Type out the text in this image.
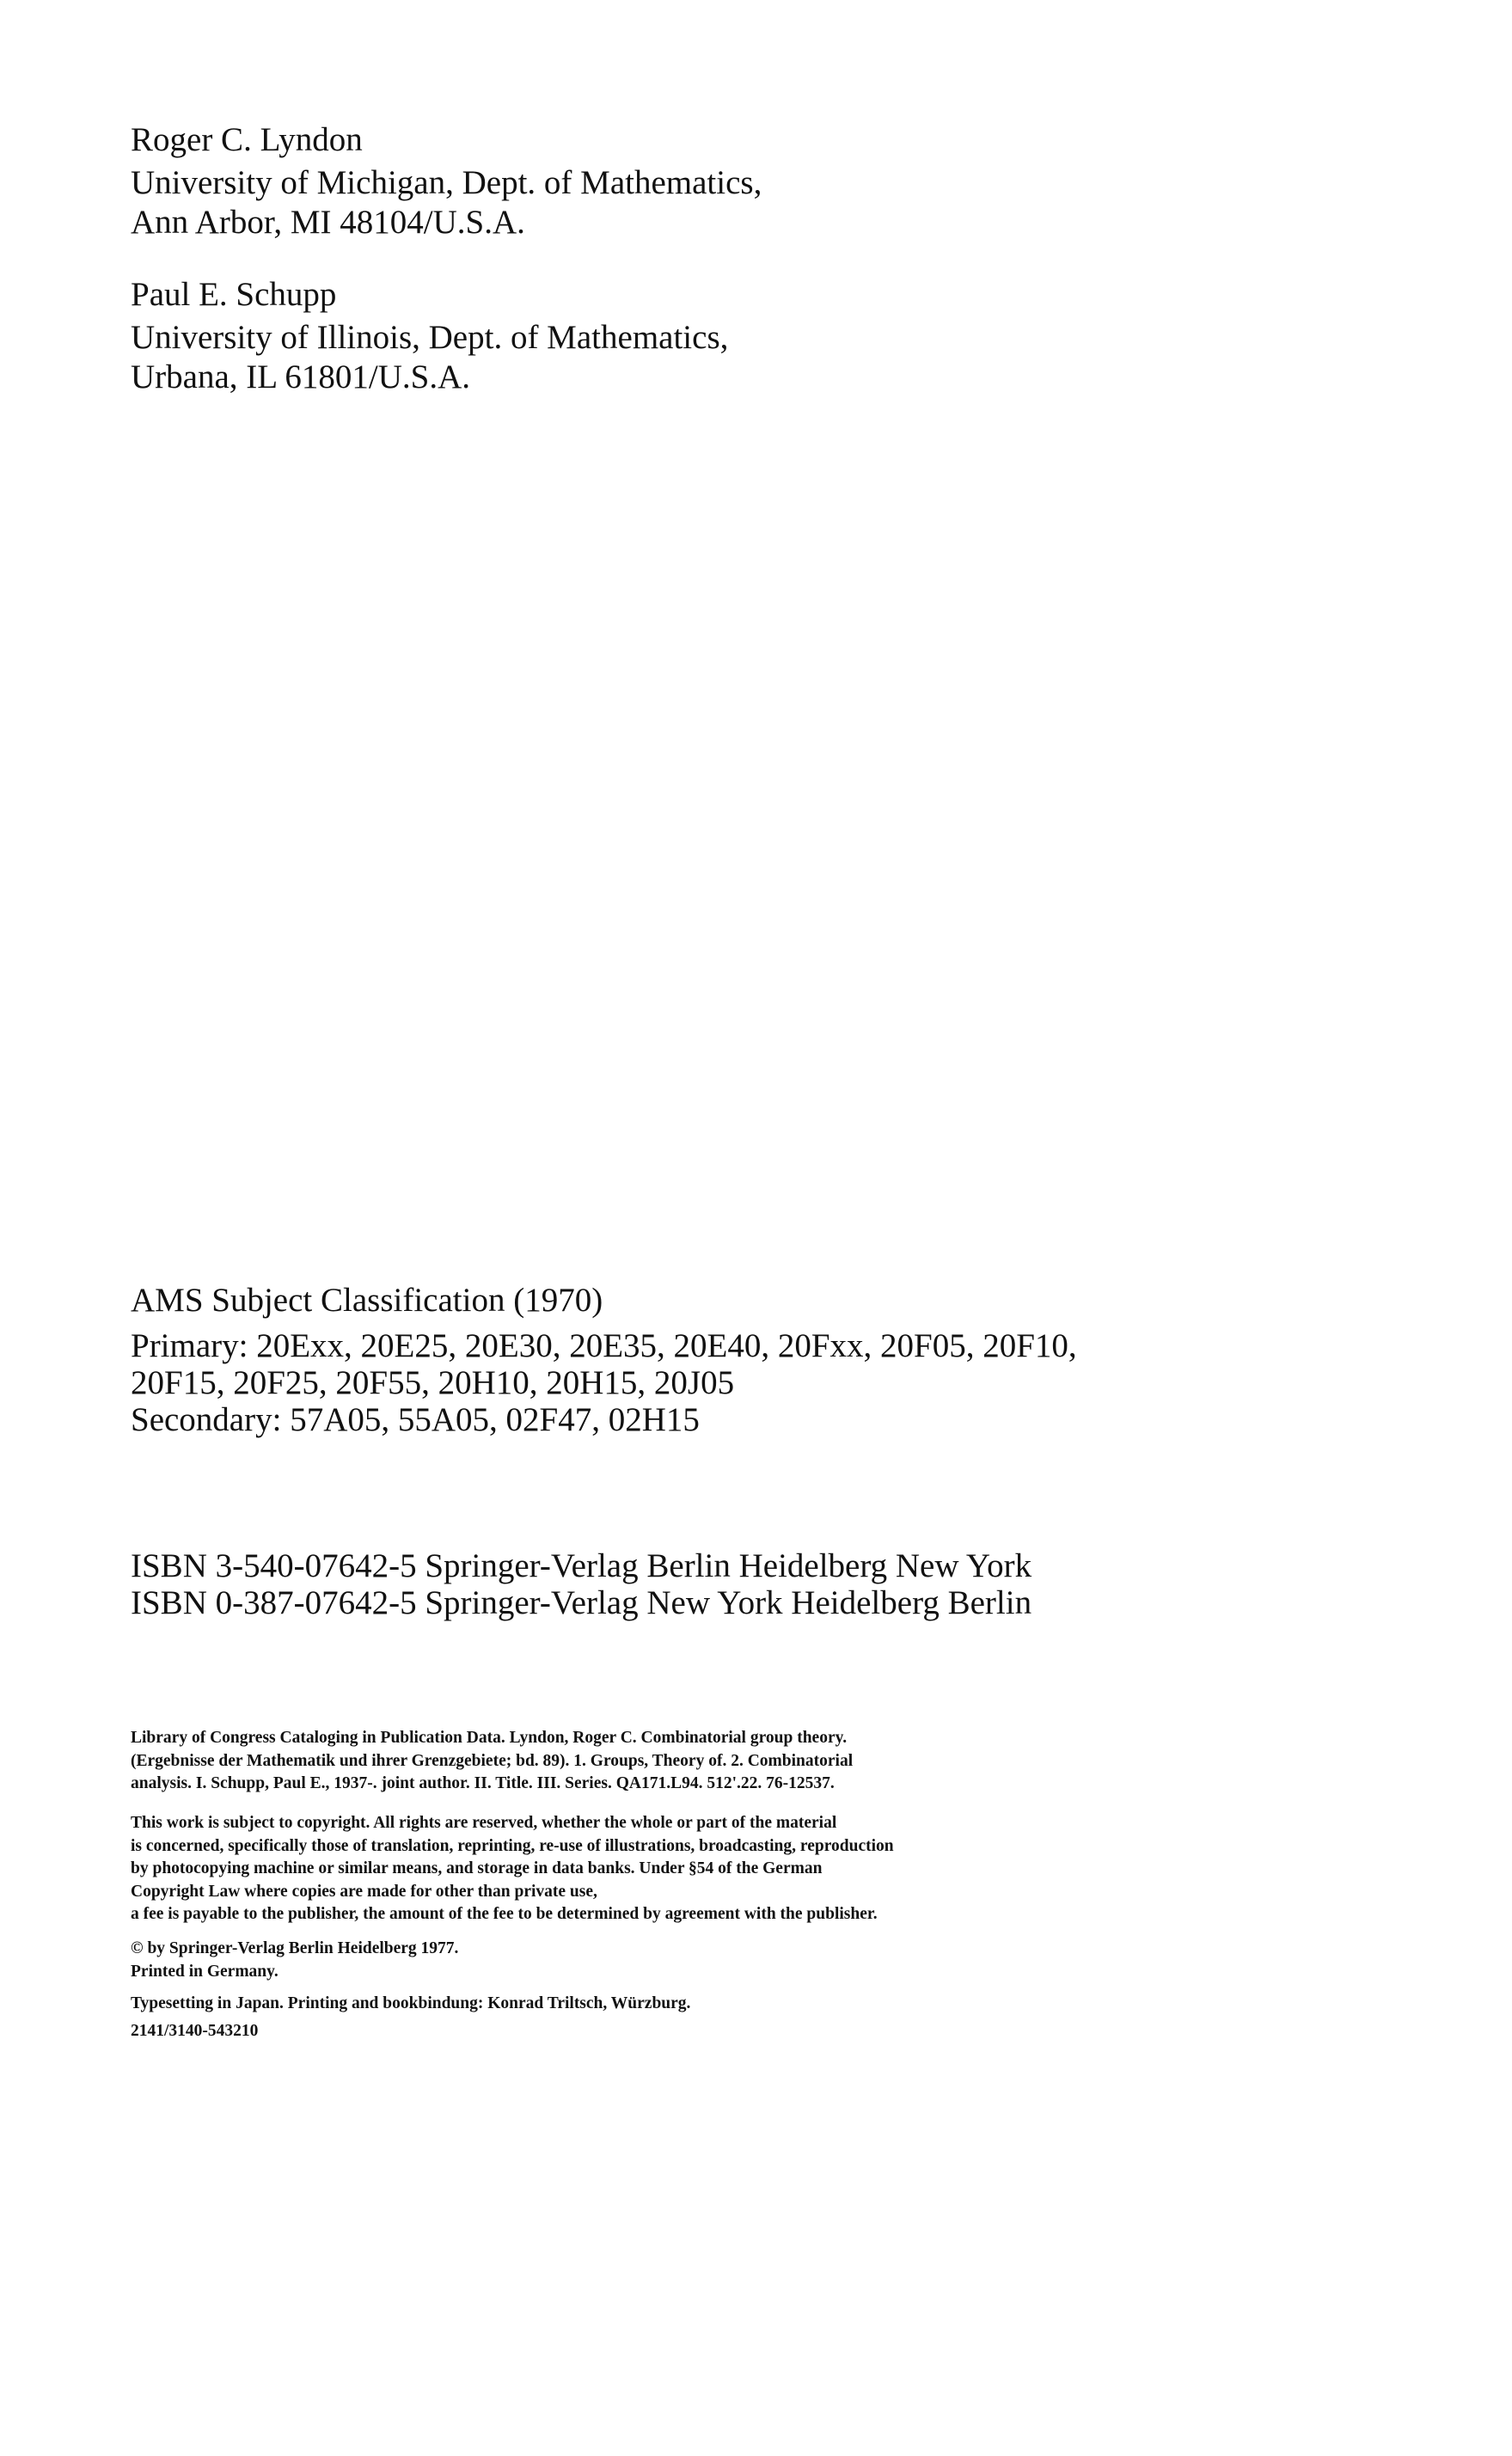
Roger C. Lyndon
University of Michigan, Dept. of Mathematics,
Ann Arbor, MI 48104/U.S.A.
Paul E. Schupp
University of Illinois, Dept. of Mathematics,
Urbana, IL 61801/U.S.A.
AMS Subject Classification (1970)
Primary: 20Exx, 20E25, 20E30, 20E35, 20E40, 20Fxx, 20F05, 20F10,
20F15, 20F25, 20F55, 20H10, 20H15, 20J05
Secondary: 57A05, 55A05, 02F47, 02H15
ISBN 3-540-07642-5 Springer-Verlag Berlin Heidelberg New York
ISBN 0-387-07642-5 Springer-Verlag New York Heidelberg Berlin
Library of Congress Cataloging in Publication Data. Lyndon, Roger C. Combinatorial group theory.
(Ergebnisse der Mathematik und ihrer Grenzgebiete; bd. 89). 1. Groups, Theory of. 2. Combinatorial
analysis. I. Schupp, Paul E., 1937-. joint author. II. Title. III. Series. QA171.L94. 512'.22. 76-12537.
This work is subject to copyright. All rights are reserved, whether the whole or part of the material
is concerned, specifically those of translation, reprinting, re-use of illustrations, broadcasting, reproduction
by photocopying machine or similar means, and storage in data banks. Under §54 of the German
Copyright Law where copies are made for other than private use,
a fee is payable to the publisher, the amount of the fee to be determined by agreement with the publisher.
© by Springer-Verlag Berlin Heidelberg 1977.
Printed in Germany.
Typesetting in Japan. Printing and bookbindung: Konrad Triltsch, Würzburg.
2141/3140-543210
